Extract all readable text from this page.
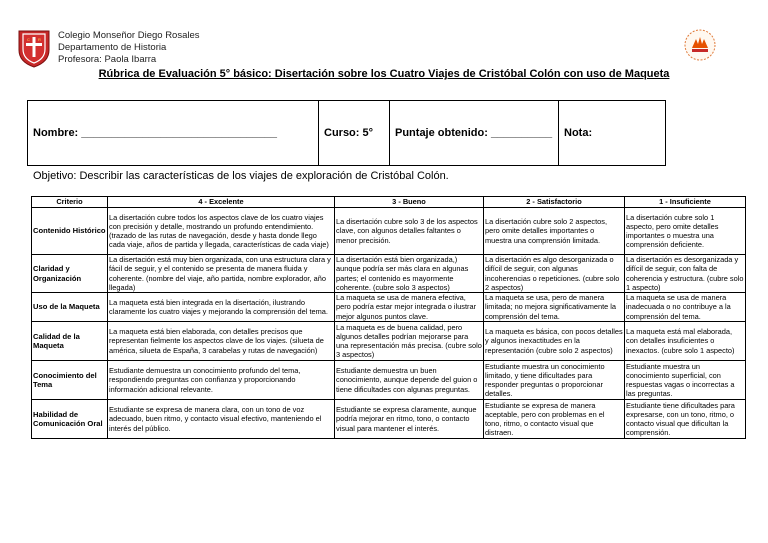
C R Colegio Monseñor Diego Rosales
Departamento de Historia
Profesora: Paola Ibarra
Rúbrica de Evaluación 5° básico: Disertación sobre los Cuatro Viajes de Cristóbal Colón con uso de Maqueta
Nombre: ________________________________	Curso: 5°	Puntaje obtenido: __________	Nota:
Objetivo: Describir las características de los viajes de exploración de Cristóbal Colón.
Criterio	4 - Excelente	3 - Bueno	2 - Satisfactorio	1 - Insuficiente
Contenido Histórico	La disertación cubre todos los aspectos clave de los cuatro viajes con precisión y detalle, mostrando un profundo entendimiento. (trazado de las rutas de navegación, desde y hasta donde llego cada viaje, años de partida y llegada, características de cada viaje)	La disertación cubre solo 3 de los aspectos clave, con algunos detalles faltantes o menor precisión.	La disertación cubre solo 2 aspectos, pero omite detalles importantes o muestra una comprensión limitada.	La disertación cubre solo 1 aspecto, pero omite detalles importantes o muestra una comprensión deficiente.
Claridad y Organización	La disertación está muy bien organizada, con una estructura clara y fácil de seguir, y el contenido se presenta de manera fluida y coherente. (nombre del viaje, año partida, nombre explorador, año llegada)	La disertación está bien organizada,) aunque podría ser más clara en algunas partes; el contenido es mayormente coherente. (cubre solo 3 aspectos)	La disertación es algo desorganizada o difícil de seguir, con algunas incoherencias o repeticiones. (cubre solo 2 aspectos)	La disertación es desorganizada y difícil de seguir, con falta de coherencia y estructura. (cubre solo 1 aspecto)
Uso de la Maqueta	La maqueta está bien integrada en la disertación, ilustrando claramente los cuatro viajes y mejorando la comprensión del tema.	La maqueta se usa de manera efectiva, pero podría estar mejor integrada o ilustrar mejor algunos puntos clave.	La maqueta se usa, pero de manera limitada; no mejora significativamente la comprensión del tema.	La maqueta se usa de manera inadecuada o no contribuye a la comprensión del tema.
Calidad de la Maqueta	La maqueta está bien elaborada, con detalles precisos que representan fielmente los aspectos clave de los viajes. (silueta de américa, silueta de España, 3 carabelas y rutas de navegación)	La maqueta es de buena calidad, pero algunos detalles podrían mejorarse para una representación más precisa. (cubre solo 3 aspectos)	La maqueta es básica, con pocos detalles y algunos inexactitudes en la representación (cubre solo 2 aspectos)	La maqueta está mal elaborada, con detalles insuficientes o inexactos. (cubre solo 1 aspecto)
Conocimiento del Tema	Estudiante demuestra un conocimiento profundo del tema, respondiendo preguntas con confianza y proporcionando información adicional relevante.	Estudiante demuestra un buen conocimiento, aunque depende del guion o tiene dificultades con algunas preguntas.	Estudiante muestra un conocimiento limitado, y tiene dificultades para responder preguntas o proporcionar detalles.	Estudiante muestra un conocimiento superficial, con respuestas vagas o incorrectas a las preguntas.
Habilidad de Comunicación Oral	Estudiante se expresa de manera clara, con un tono de voz adecuado, buen ritmo, y contacto visual efectivo, manteniendo el interés del público.	Estudiante se expresa claramente, aunque podría mejorar en ritmo, tono, o contacto visual para mantener el interés.	Estudiante se expresa de manera aceptable, pero con problemas en el tono, ritmo, o contacto visual que distraen.	Estudiante tiene dificultades para expresarse, con un tono, ritmo, o contacto visual que dificultan la comprensión.
